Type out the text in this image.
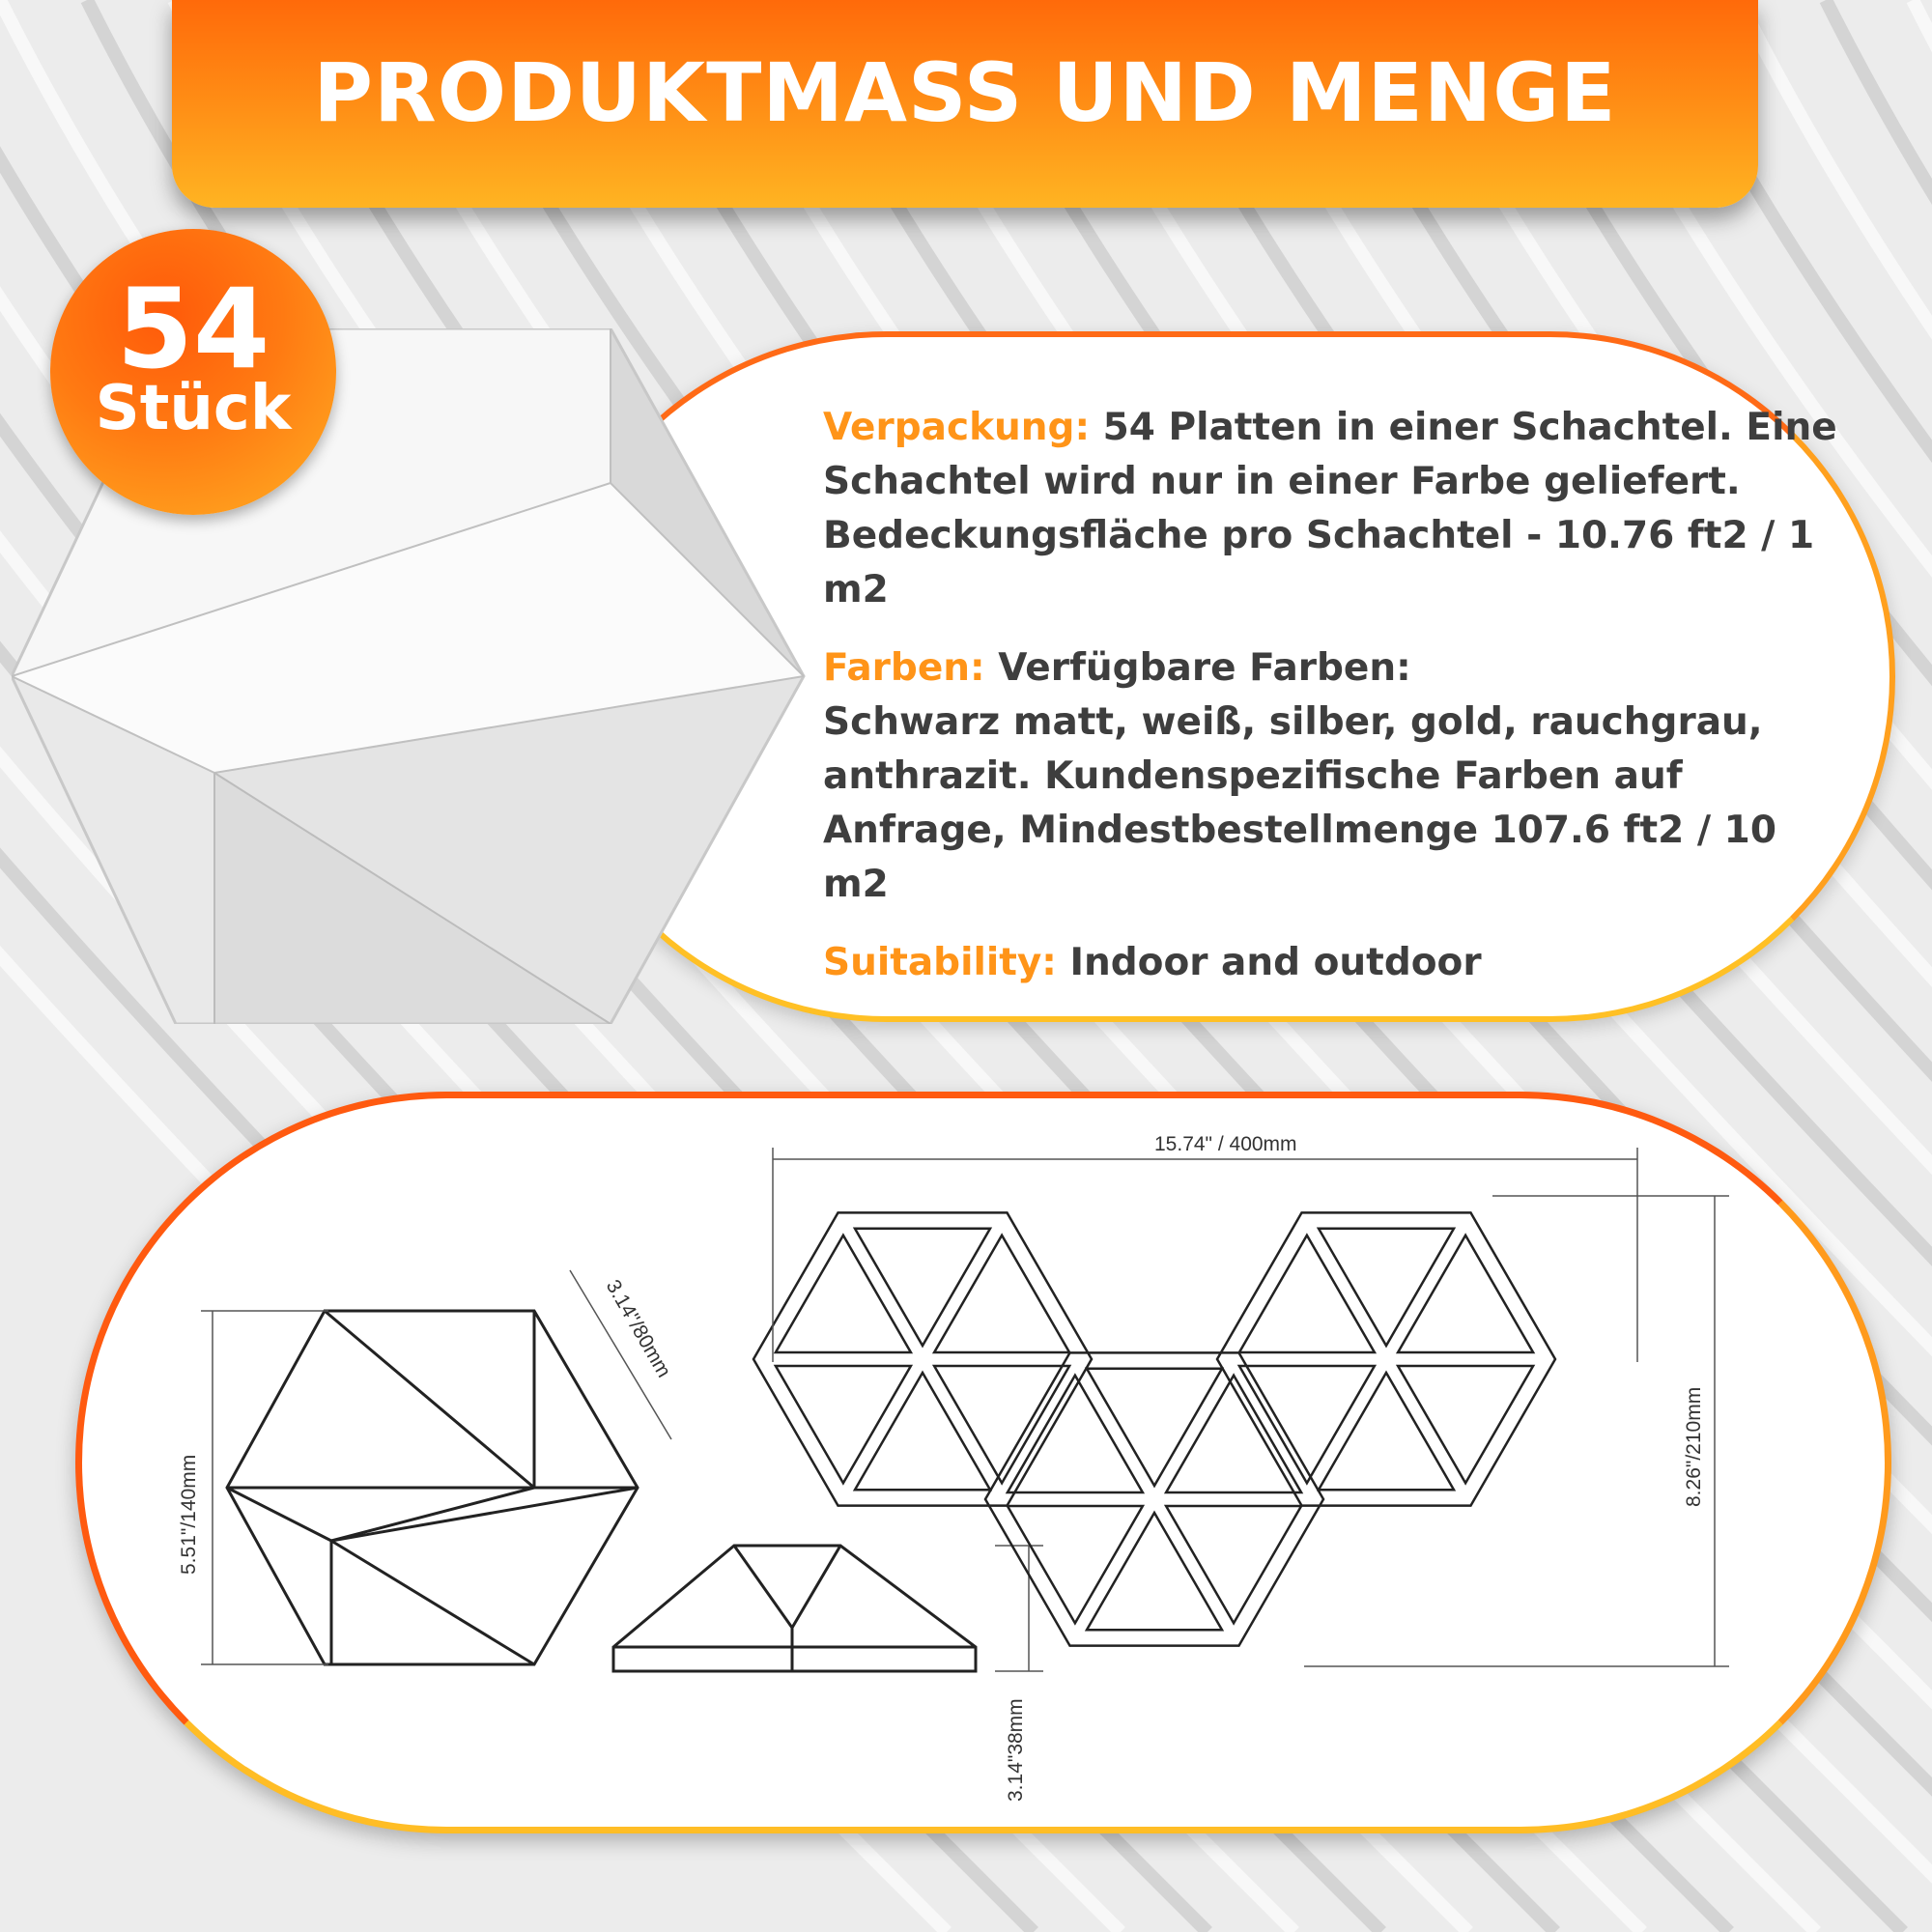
PRODUKTMASS UND MENGE
54
Stück	Verpackung: 54 Platten in einer Schachtel. Eine Schachtel wird nur in einer Farbe geliefert. Bedeckungsfläche pro Schachtel - 10.76 ft2 / 1 m2

Farben: Verfügbare Farben:
Schwarz matt, weiß, silber, gold, rauchgrau, anthrazit. Kundenspezifische Farben auf Anfrage, Mindestbestellmenge 107.6 ft2 / 10 m2

Suitability: Indoor and outdoor

5.51"/140mm
3.14"/80mm
3.14"38mm
15.74" / 400mm
8.26"/210mm
